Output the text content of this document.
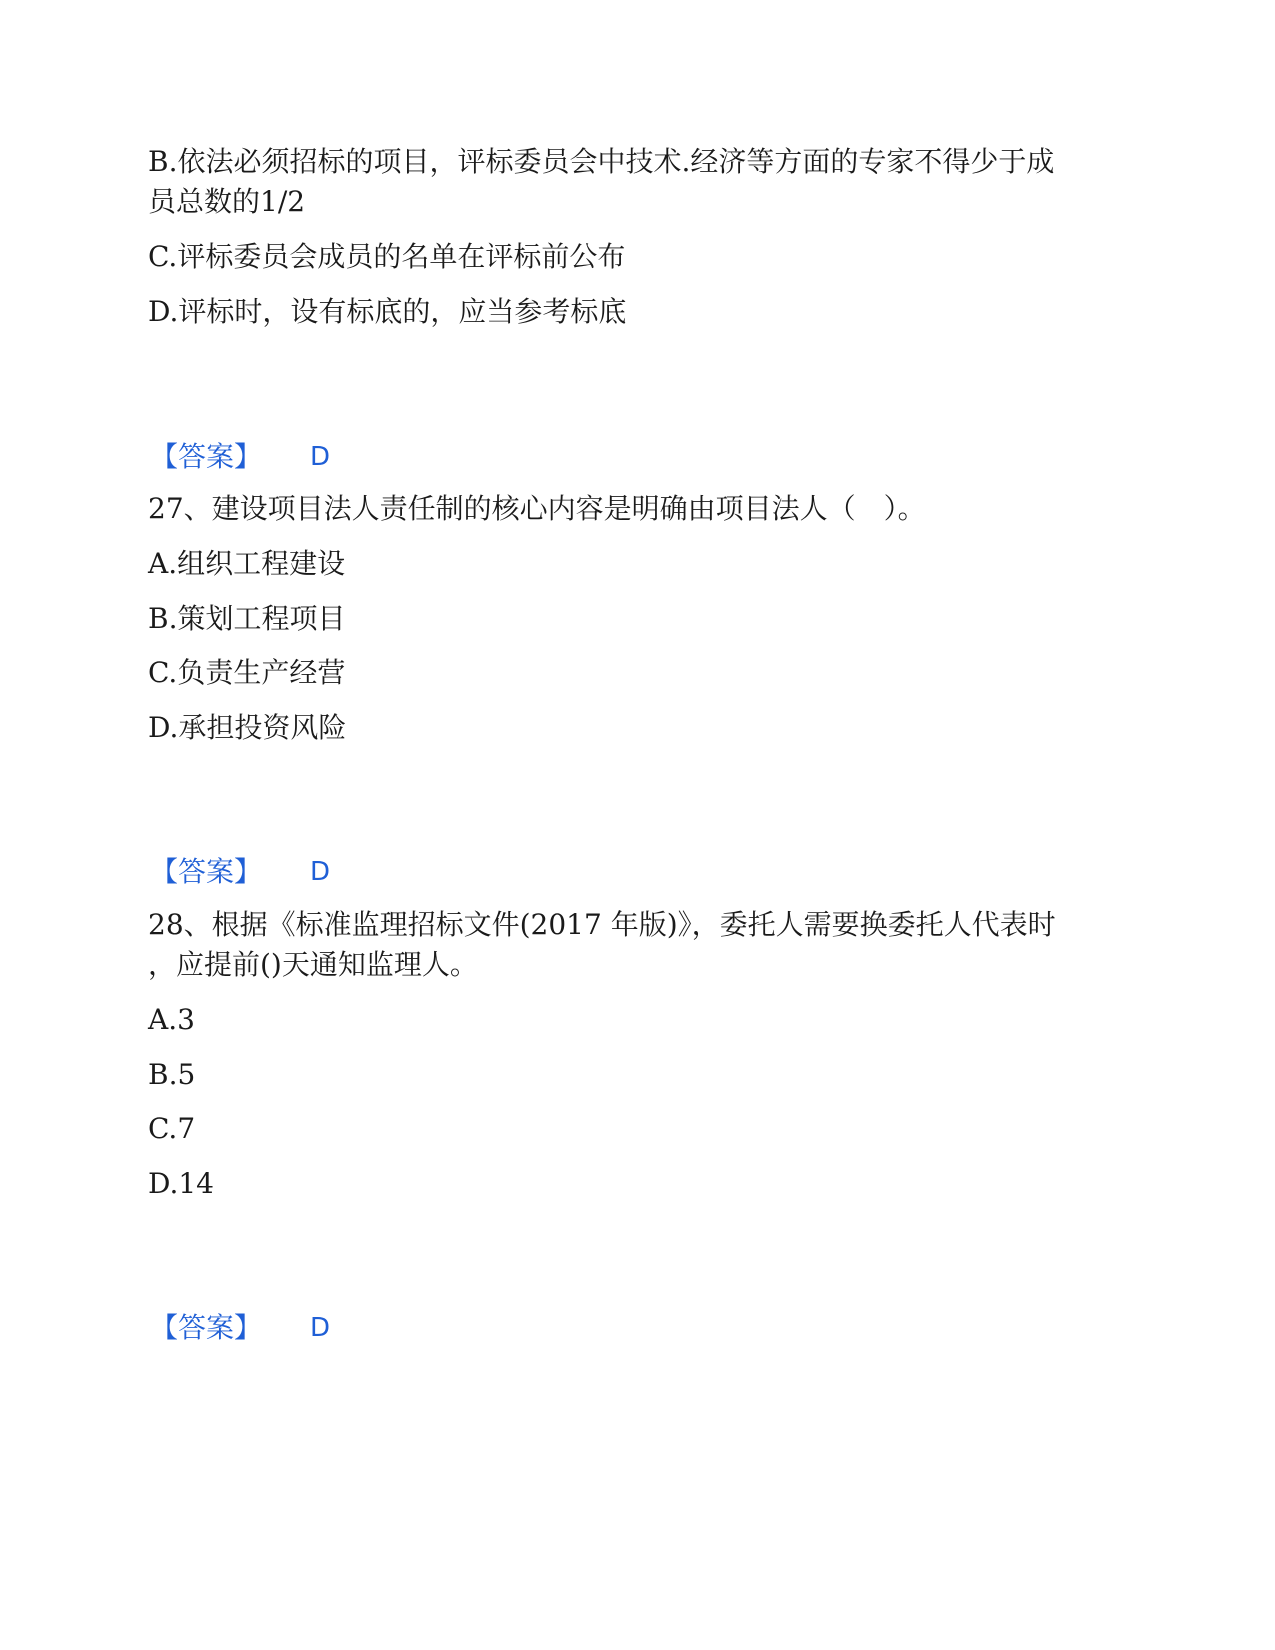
B.依法必须招标的项目，评标委员会中技术.经济等方面的专家不得少于成
员总数的1/2
C.评标委员会成员的名单在评标前公布
D.评标时，设有标底的，应当参考标底
【答案】 D
27、建设项目法人责任制的核心内容是明确由项目法人（　）。
A.组织工程建设
B.策划工程项目
C.负责生产经营
D.承担投资风险
【答案】 D
28、根据《标准监理招标文件(2017 年版)》，委托人需要换委托人代表时
，应提前()天通知监理人。
A.3
B.5
C.7
D.14
【答案】 D
